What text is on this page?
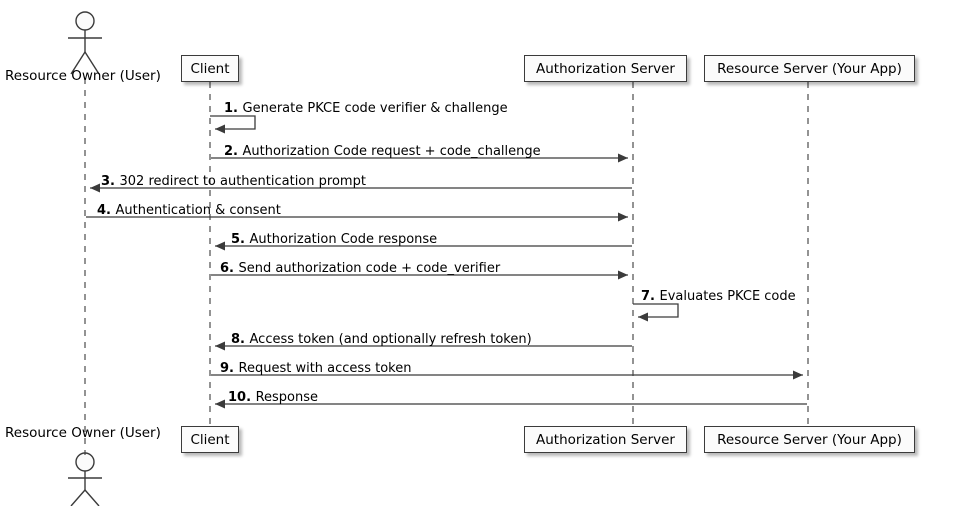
Resource Owner (User)
Resource Owner (User)
Client
Client
Authorization Server
Authorization Server
Resource Server (Your App)
Resource Server (Your App)
1. Generate PKCE code verifier & challenge
2. Authorization Code request + code_challenge
3. 302 redirect to authentication prompt
4. Authentication & consent
5. Authorization Code response
6. Send authorization code + code_verifier
7. Evaluates PKCE code
8. Access token (and optionally refresh token)
9. Request with access token
10. Response
